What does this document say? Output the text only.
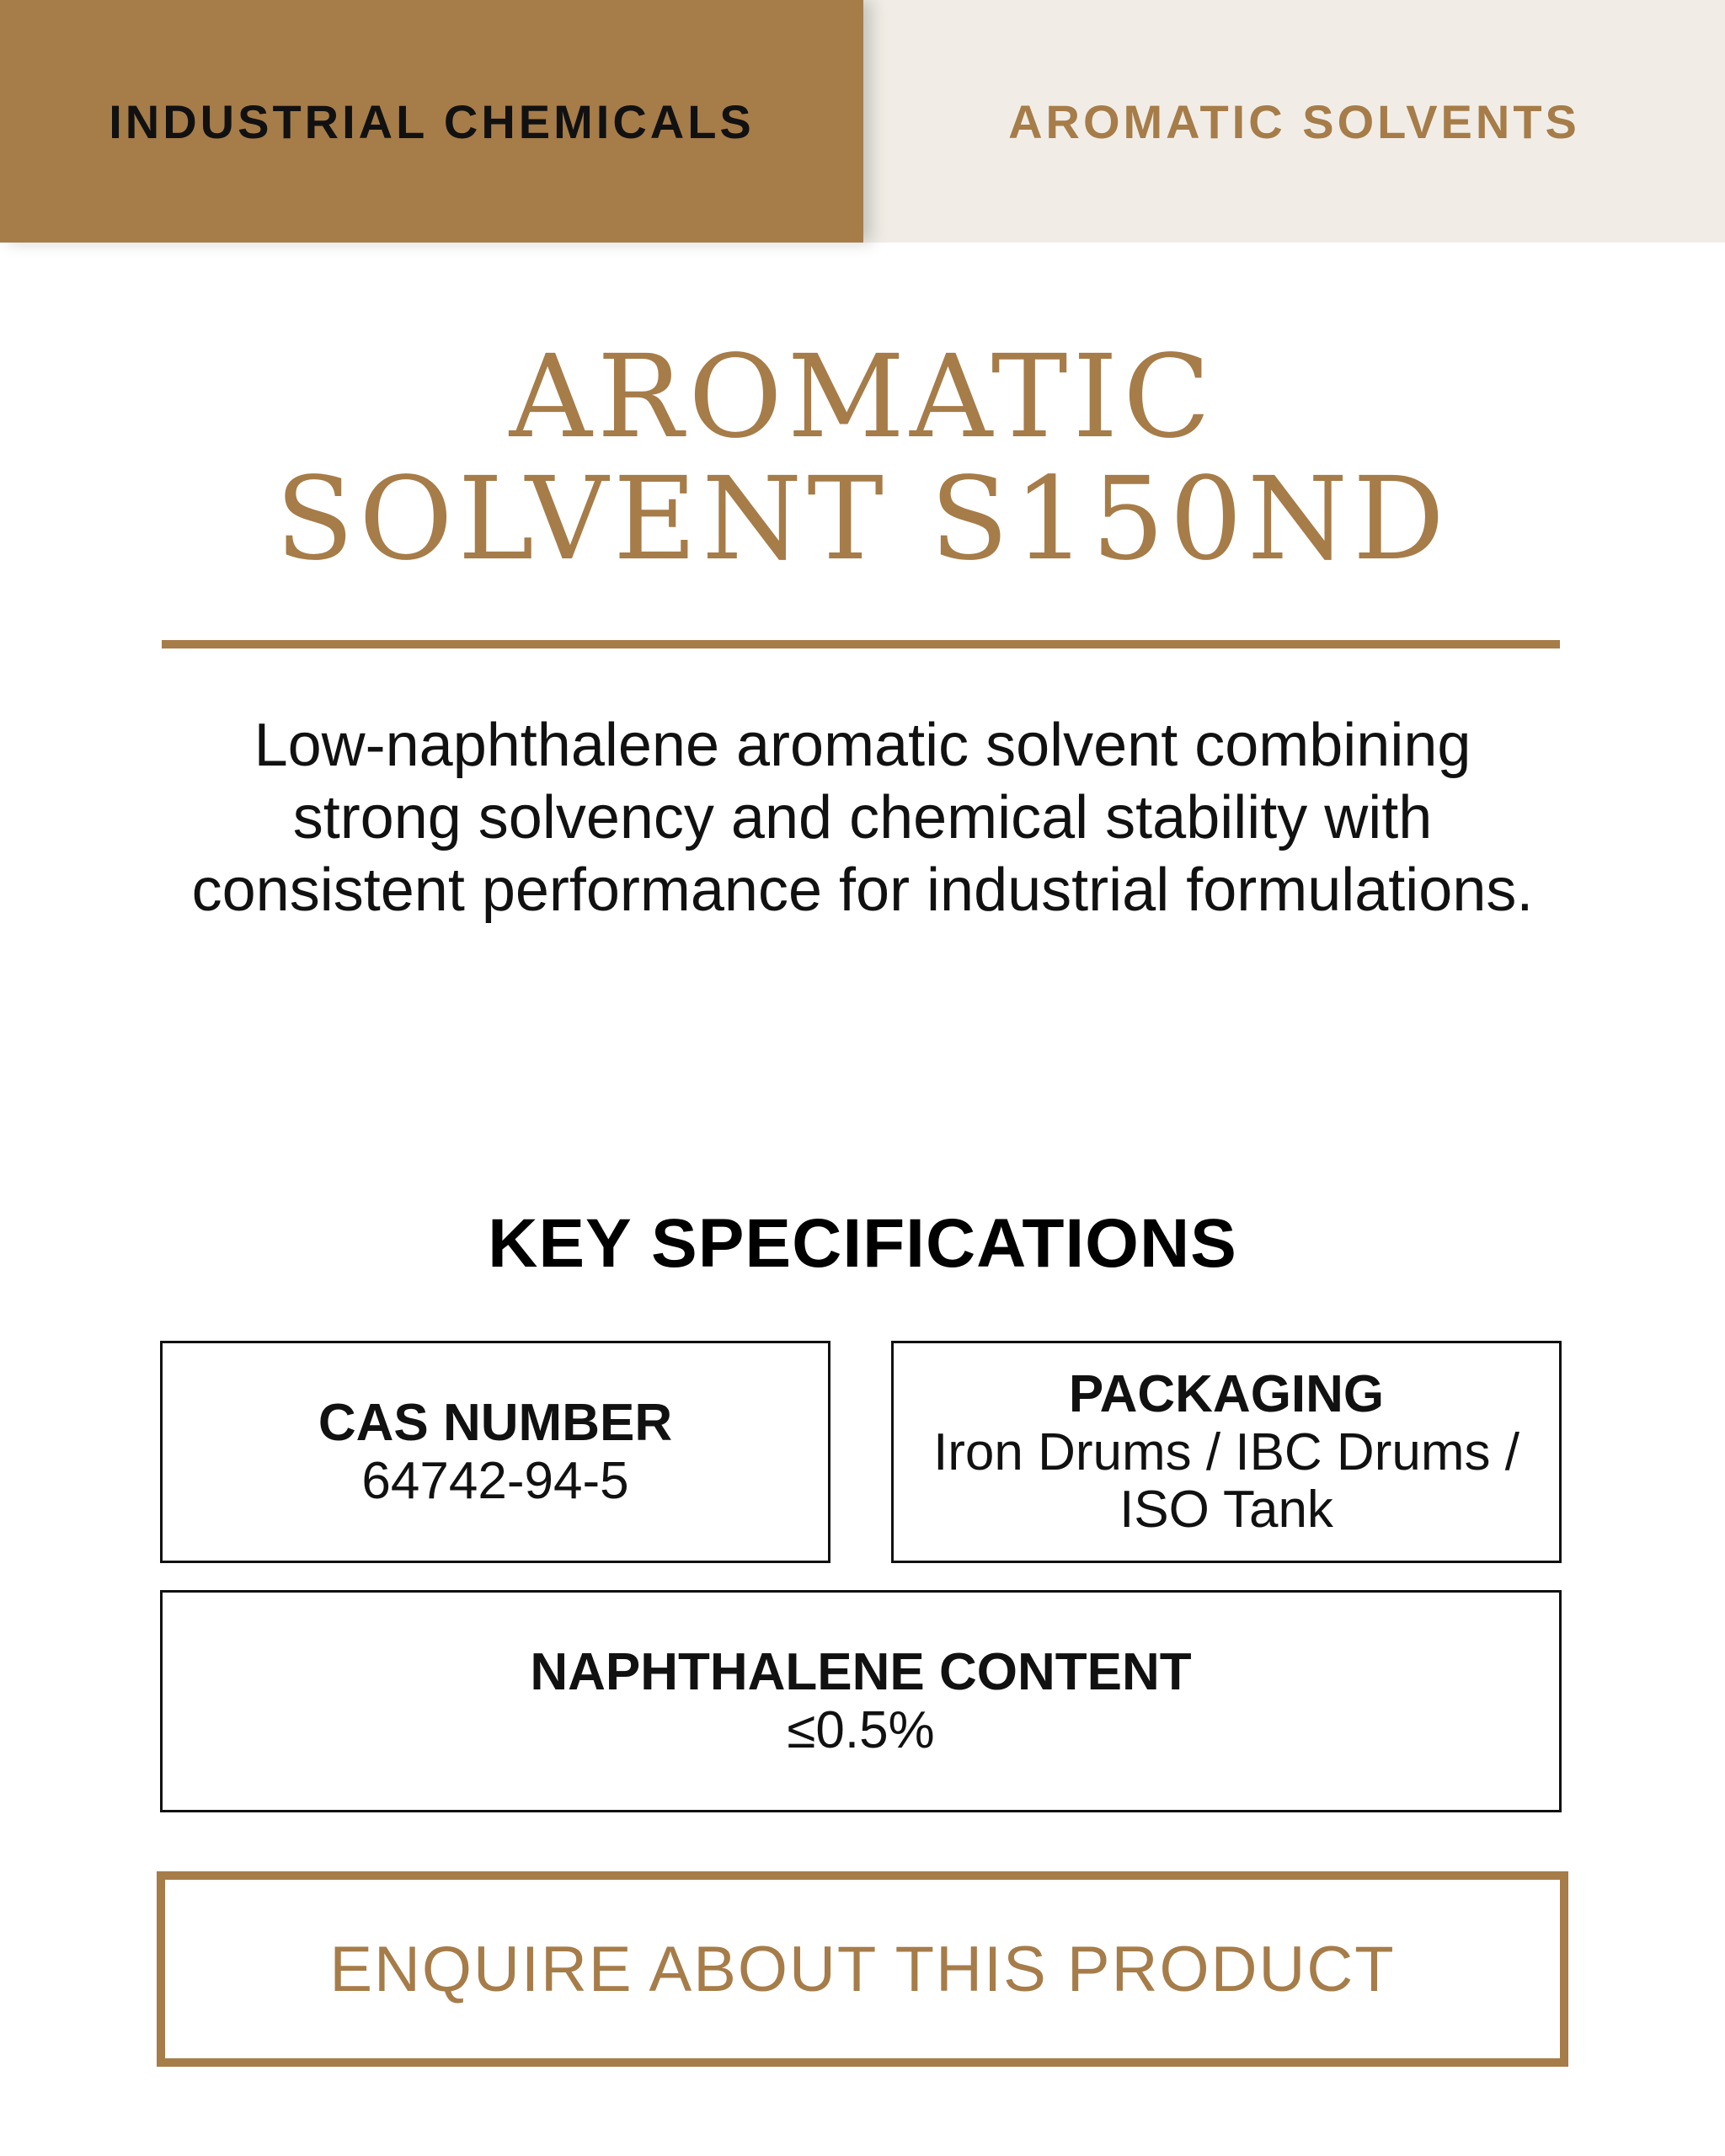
INDUSTRIAL CHEMICALS	AROMATIC SOLVENTS
AROMATIC
SOLVENT S150ND

Low-naphthalene aromatic solvent combining strong solvency and chemical stability with consistent performance for industrial formulations.

KEY SPECIFICATIONS
CAS NUMBER
64742-94-5
PACKAGING
Iron Drums / IBC Drums / ISO Tank
NAPHTHALENE CONTENT
≤0.5%
ENQUIRE ABOUT THIS PRODUCT
